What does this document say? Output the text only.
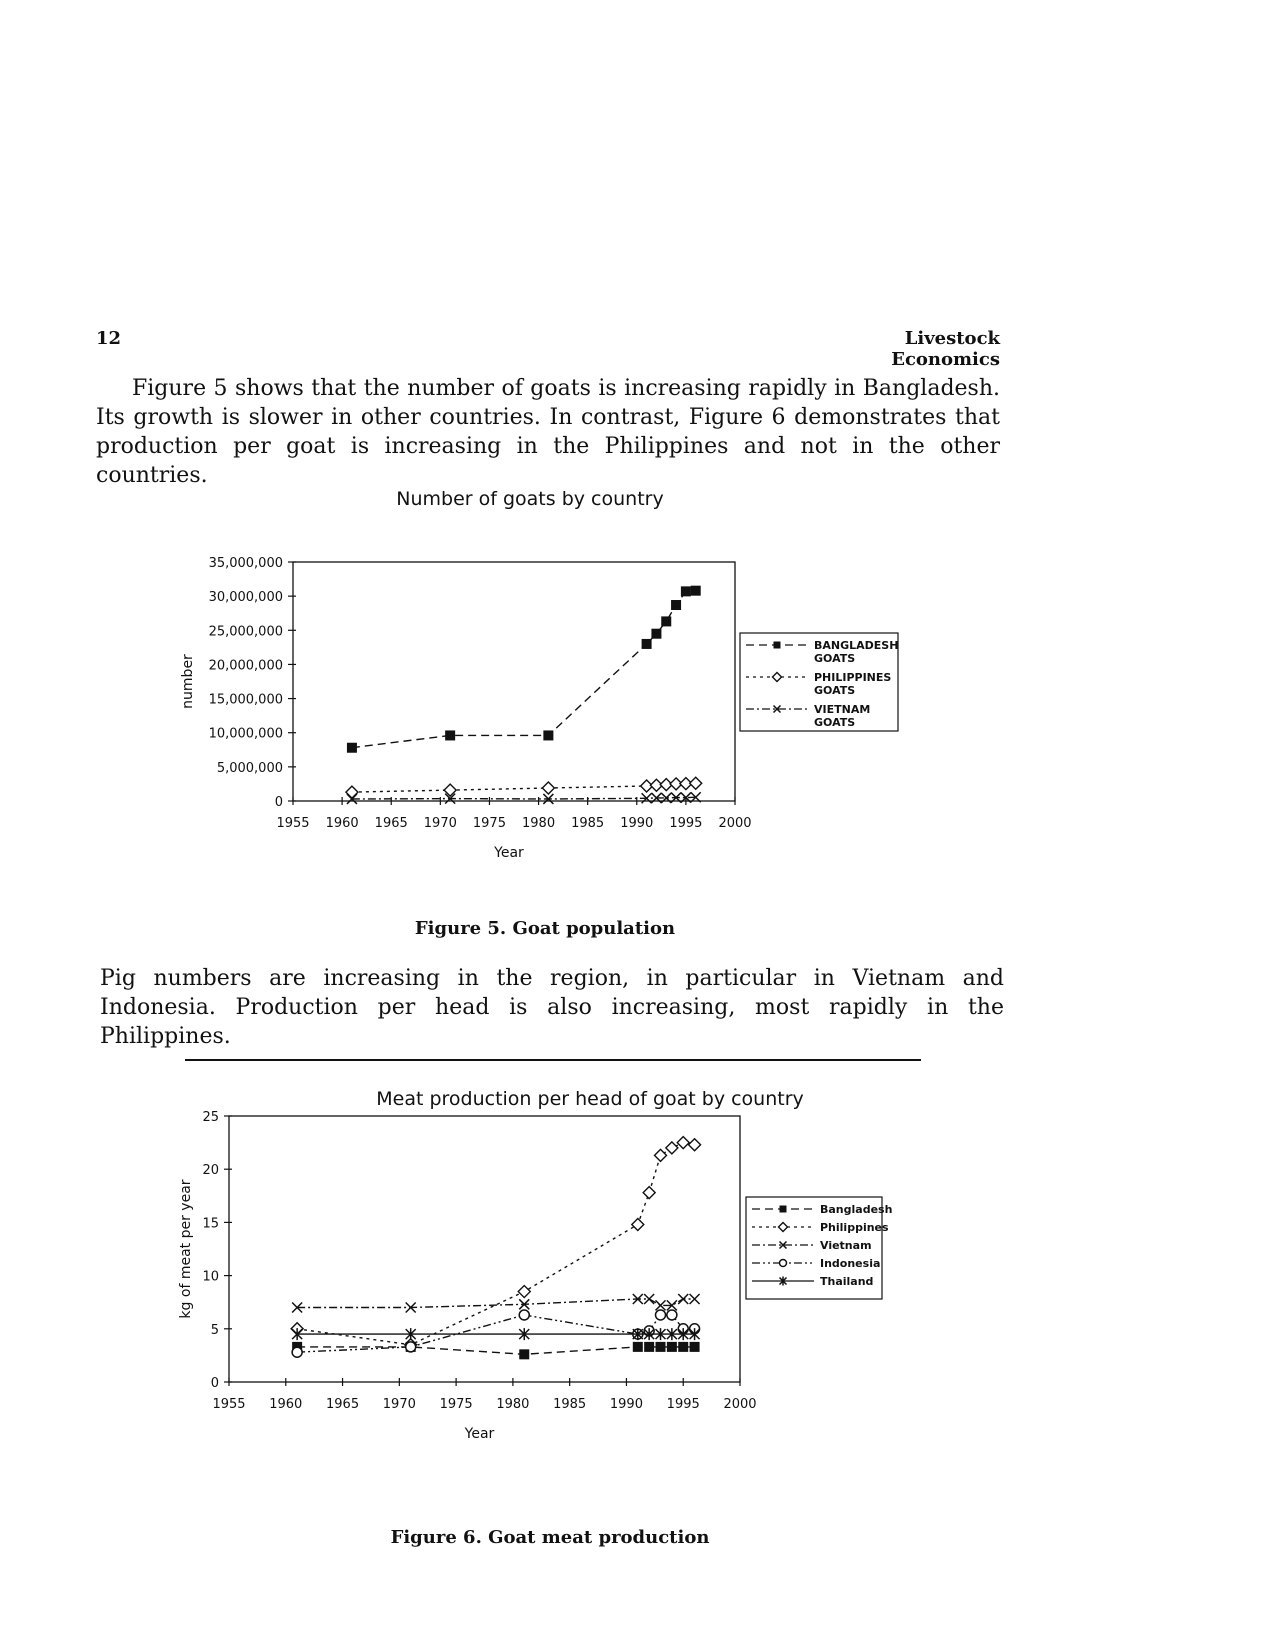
12	Livestock Economics

Figure 5 shows that the number of goats is increasing rapidly in Bangladesh. Its growth is slower in other countries. In contrast, Figure 6 demonstrates that production per goat is increasing in the Philippines and not in the other countries.

Number of goats by country
0
5,000,000
10,000,000
15,000,000
20,000,000
25,000,000
30,000,000
35,000,000
1955 1960 1965 1970 1975 1980 1985 1990 1995 2000
Year
number
BANGLADESH
GOATS
PHILIPPINES
GOATS
VIETNAM
GOATS
0
5
10
15
20
25
1955 1960 1965 1970 1975 1980 1985 1990 1995 2000
Year
kg of meat per year	Bangladesh
Philippines
Vietnam
Indonesia
Thailand
Figure 5. Goat population

Pig numbers are increasing in the region, in particular in Vietnam and Indonesia. Production per head is also increasing, most rapidly in the Philippines.

Meat production per head of goat by country
Figure 6. Goat meat production
